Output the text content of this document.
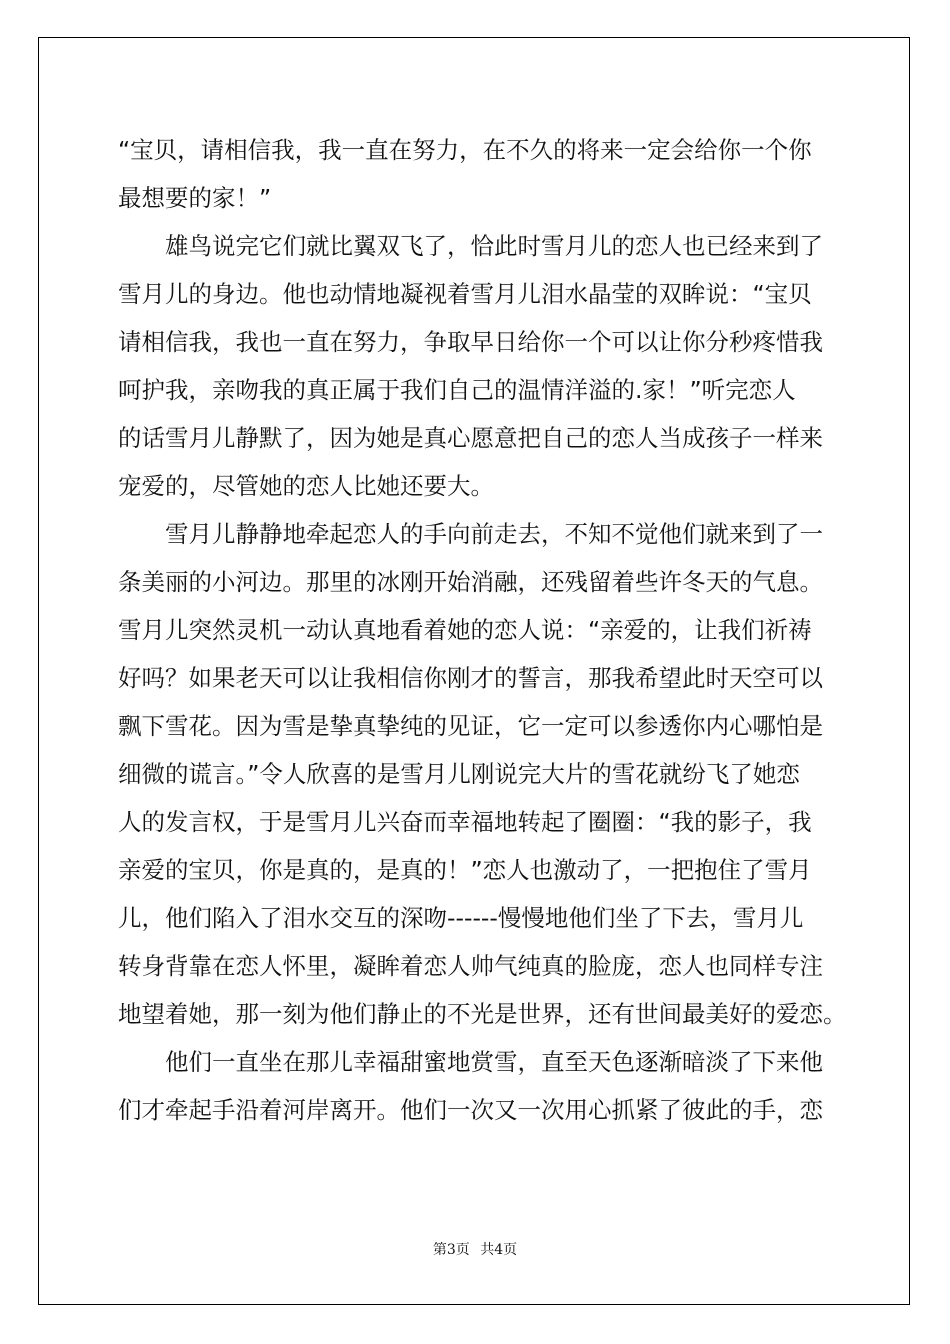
“宝贝，请相信我，我一直在努力，在不久的将来一定会给你一个你
最想要的家！”
雄鸟说完它们就比翼双飞了，恰此时雪月儿的恋人也已经来到了
雪月儿的身边。他也动情地凝视着雪月儿泪水晶莹的双眸说：“宝贝
请相信我，我也一直在努力，争取早日给你一个可以让你分秒疼惜我
呵护我，亲吻我的真正属于我们自己的温情洋溢的.家！”听完恋人
的话雪月儿静默了，因为她是真心愿意把自己的恋人当成孩子一样来
宠爱的，尽管她的恋人比她还要大。
雪月儿静静地牵起恋人的手向前走去，不知不觉他们就来到了一
条美丽的小河边。那里的冰刚开始消融，还残留着些许冬天的气息。
雪月儿突然灵机一动认真地看着她的恋人说：“亲爱的，让我们祈祷
好吗？如果老天可以让我相信你刚才的誓言，那我希望此时天空可以
飘下雪花。因为雪是挚真挚纯的见证，它一定可以参透你内心哪怕是
细微的谎言。”令人欣喜的是雪月儿刚说完大片的雪花就纷飞了她恋
人的发言权，于是雪月儿兴奋而幸福地转起了圈圈：“我的影子，我
亲爱的宝贝，你是真的，是真的！”恋人也激动了，一把抱住了雪月
儿，他们陷入了泪水交互的深吻------慢慢地他们坐了下去，雪月儿
转身背靠在恋人怀里，凝眸着恋人帅气纯真的脸庞，恋人也同样专注
地望着她，那一刻为他们静止的不光是世界，还有世间最美好的爱恋。
他们一直坐在那儿幸福甜蜜地赏雪，直至天色逐渐暗淡了下来他
们才牵起手沿着河岸离开。他们一次又一次用心抓紧了彼此的手，恋
第3页 共4页
